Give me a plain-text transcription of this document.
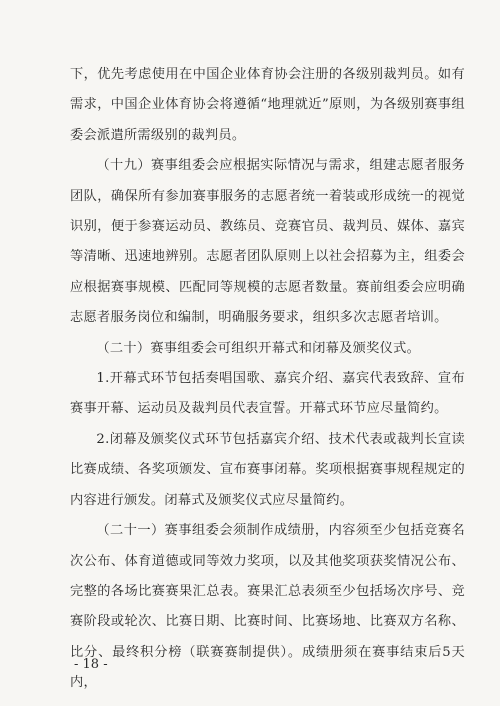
下，优先考虑使用在中国企业体育协会注册的各级别裁判员。如有需求，中国企业体育协会将遵循“地理就近”原则，为各级别赛事组委会派遣所需级别的裁判员。

（十九）赛事组委会应根据实际情况与需求，组建志愿者服务团队，确保所有参加赛事服务的志愿者统一着装或形成统一的视觉识别，便于参赛运动员、教练员、竞赛官员、裁判员、媒体、嘉宾等清晰、迅速地辨别。志愿者团队原则上以社会招募为主，组委会应根据赛事规模、匹配同等规模的志愿者数量。赛前组委会应明确志愿者服务岗位和编制，明确服务要求，组织多次志愿者培训。

（二十）赛事组委会可组织开幕式和闭幕及颁奖仪式。

1.开幕式环节包括奏唱国歌、嘉宾介绍、嘉宾代表致辞、宣布赛事开幕、运动员及裁判员代表宣誓。开幕式环节应尽量简约。

2.闭幕及颁奖仪式环节包括嘉宾介绍、技术代表或裁判长宣读比赛成绩、各奖项颁发、宣布赛事闭幕。奖项根据赛事规程规定的内容进行颁发。闭幕式及颁奖仪式应尽量简约。

（二十一）赛事组委会须制作成绩册，内容须至少包括竞赛名次公布、体育道德或同等效力奖项，以及其他奖项获奖情况公布、完整的各场比赛赛果汇总表。赛果汇总表须至少包括场次序号、竞赛阶段或轮次、比赛日期、比赛时间、比赛场地、比赛双方名称、比分、最终积分榜（联赛赛制提供）。成绩册须在赛事结束后5天内，

- 18 -
